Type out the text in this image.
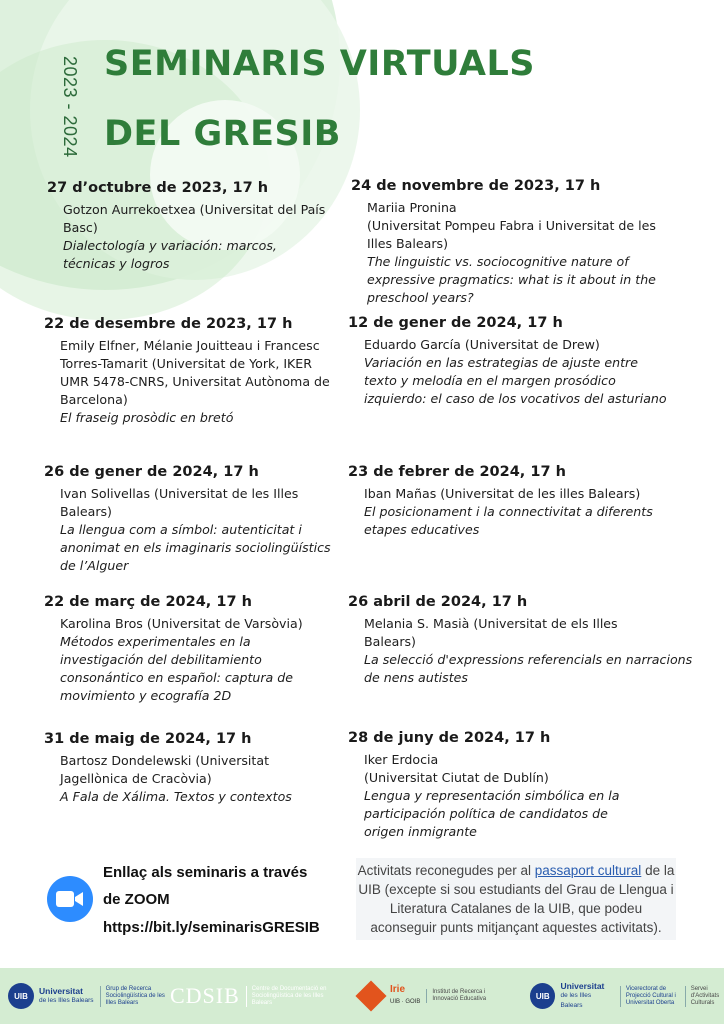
2023 - 2024 SEMINARIS VIRTUALS
DEL GRESIB
27 d’octubre de 2023, 17 h
Gotzon Aurrekoetxea (Universitat del País Basc)
Dialectología y variación: marcos, técnicas y logros
22 de desembre de 2023, 17 h
Emily Elfner, Mélanie Jouitteau i Francesc Torres-Tamarit (Universitat de York, IKER UMR 5478-CNRS, Universitat Autònoma de Barcelona)
El fraseig prosòdic en bretó
26 de gener de 2024, 17 h
Ivan Solivellas (Universitat de les Illes Balears)
La llengua com a símbol: autenticitat i anonimat en els imaginaris sociolingüístics de l’Alguer
22 de març de 2024, 17 h
Karolina Bros (Universitat de Varsòvia)
Métodos experimentales en la investigación del debilitamiento consonántico en español: captura de movimiento y ecografía 2D
31 de maig de 2024, 17 h
Bartosz Dondelewski (Universitat Jagellònica de Cracòvia)
A Fala de Xálima. Textos y contextos
24 de novembre de 2023, 17 h
Mariia Pronina
(Universitat Pompeu Fabra i Universitat de les Illes Balears)
The linguistic vs. sociocognitive nature of expressive pragmatics: what is it about in the preschool years?
12 de gener de 2024, 17 h
Eduardo García (Universitat de Drew)
Variación en las estrategias de ajuste entre texto y melodía en el margen prosódico izquierdo: el caso de los vocativos del asturiano
23 de febrer de 2024, 17 h
Iban Mañas (Universitat de les illes Balears)
El posicionament i la connectivitat a diferents etapes educatives
26 abril de 2024, 17 h
Melania S. Masià (Universitat de els Illes Balears)
La selecció d'expressions referencials en narracions de nens autistes
28 de juny de 2024, 17 h
Iker Erdocia
(Universitat Ciutat de Dublín)
Lengua y representación simbólica en la participación política de candidatos de origen inmigrante
Enllaç als seminaris a través
de ZOOM
https://bit.ly/seminarisGRESIB
Activitats reconegudes per al passaport cultural de la UIB (excepte si sou estudiants del Grau de Llengua i Literatura Catalanes de la UIB, que podeu aconseguir punts mitjançant aquestes activitats).
UIB	Universitat
de les Illes Balears
Grup de Recerca Sociolingüística de les Illes Balears	CDSIB	Centre de Documentació en Sociolingüística de les Illes Balears
Irie
UIB · GOIB
Institut de Recerca i Innovació Educativa	UIB
Universitat
de les Illes Balears
Vicerectorat de Projecció Cultural i Universitat Oberta
Servei d'Activitats Culturals
